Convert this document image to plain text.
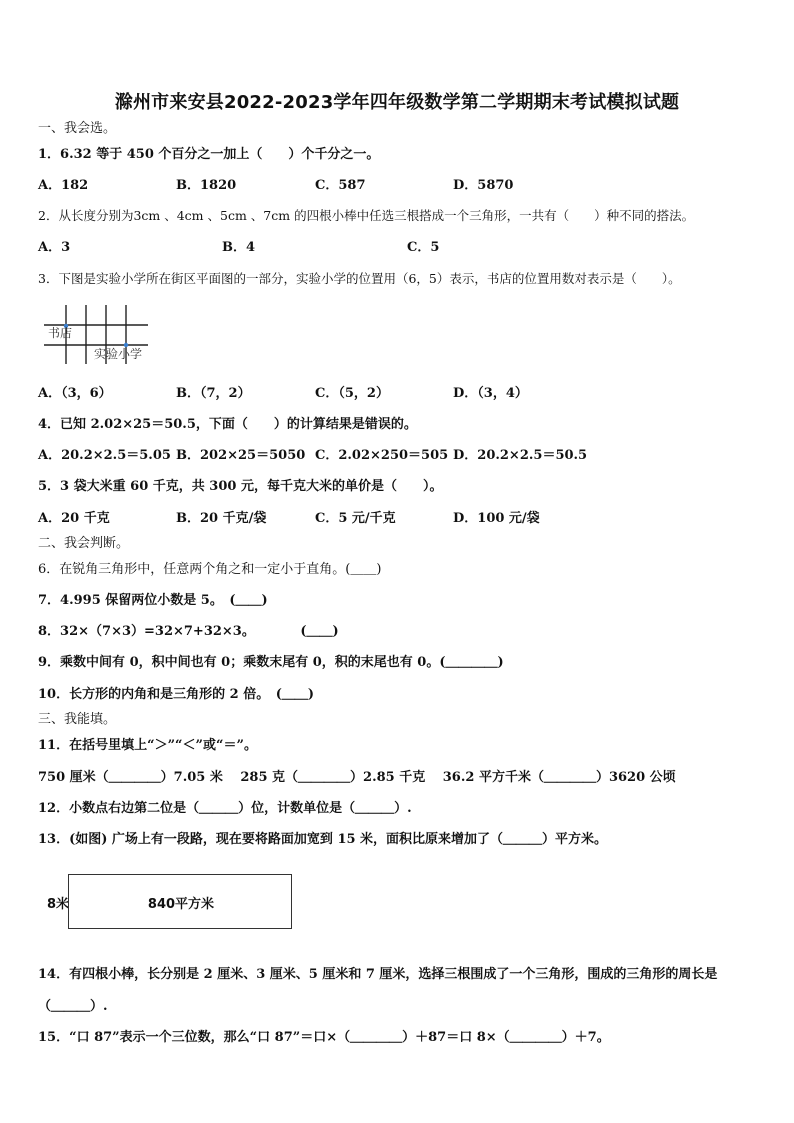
滁州市来安县2022-2023学年四年级数学第二学期期末考试模拟试题
一、我会选。
1．6.32 等于 450 个百分之一加上（　　）个千分之一。
A．182	B．1820	C．587	D．5870
2．从长度分别为3cm 、4cm 、5cm 、7cm 的四根小棒中任选三根搭成一个三角形，一共有（　　）种不同的搭法。
A．3	B．4	C．5
3．下图是实验小学所在街区平面图的一部分，实验小学的位置用（6，5）表示，书店的位置用数对表示是（　　）。
书店
实验小学
A．（3，6）	B．（7，2）	C．（5，2）	D．（3，4）
4．已知 2.02×25＝50.5，下面（　　）的计算结果是错误的。
A．20.2×2.5＝5.05 B．202×25＝5050 C．2.02×250＝505 D．20.2×2.5＝50.5
5．3 袋大米重 60 千克，共 300 元，每千克大米的单价是（　　）。
A．20 千克	B．20 千克/袋	C．5 元/千克	D．100 元/袋
二、我会判断。
6．在锐角三角形中，任意两个角之和一定小于直角。(＿＿)
7．4.995 保留两位小数是 5。　(＿＿)
8．32×（7×3）=32×7+32×3。　　　　(＿＿)
9．乘数中间有 0，积中间也有 0；乘数末尾有 0，积的末尾也有 0。(＿＿＿＿)
10．长方形的内角和是三角形的 2 倍。　(＿＿)
三、我能填。
11．在括号里填上“＞”“＜”或“＝”。
750 厘米（＿＿＿＿）7.05 米　 285 克（＿＿＿＿）2.85 千克　 36.2 平方千米（＿＿＿＿）3620 公顷
12．小数点右边第二位是（＿＿＿）位，计数单位是（＿＿＿）.
13．(如图) 广场上有一段路，现在要将路面加宽到 15 米，面积比原来增加了（＿＿＿）平方米。
8米	840平方米
14．有四根小棒，长分别是 2 厘米、3 厘米、5 厘米和 7 厘米，选择三根围成了一个三角形，围成的三角形的周长是
（＿＿＿）.
15．“口 87”表示一个三位数，那么“口 87”＝口×（＿＿＿＿）＋87＝口 8×（＿＿＿＿）＋7。
